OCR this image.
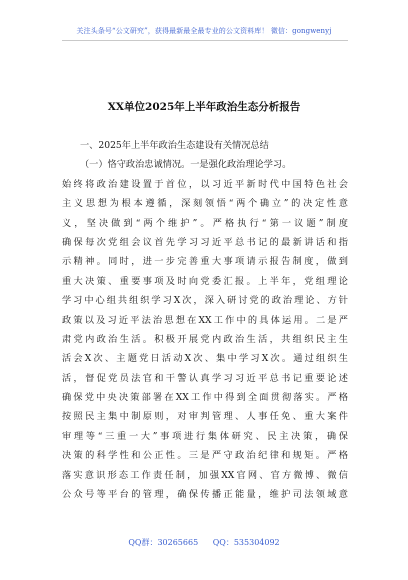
关注头条号“公文研究”，获得最新最全最专业的公文资料库！ 微信：gongwenyj
XX单位2025年上半年政治生态分析报告
一、2025年上半年政治生态建设有关情况总结
（一）恪守政治忠诚情况。一是强化政治理论学习。
始终将政治建设置于首位，以习近平新时代中国特色社会
主义思想为根本遵循，深刻领悟“两个确立”的决定性意
义，坚决做到“两个维护”。严格执行“第一议题”制度
确保每次党组会议首先学习习近平总书记的最新讲话和指
示精神。同时，进一步完善重大事项请示报告制度，做到
重大决策、重要事项及时向党委汇报。上半年，党组理论
学习中心组共组织学习X次，深入研讨党的政治理论、方针
政策以及习近平法治思想在XX工作中的具体运用。二是严
肃党内政治生活。积极开展党内政治生活，共组织民主生
活会X次、主题党日活动X次、集中学习X次。通过组织生
活，督促党员法官和干警认真学习习近平总书记重要论述
确保党中央决策部署在XX工作中得到全面贯彻落实。严格
按照民主集中制原则，对审判管理、人事任免、重大案件
审理等“三重一大”事项进行集体研究、民主决策，确保
决策的科学性和公正性。三是严守政治纪律和规矩。严格
落实意识形态工作责任制，加强XX官网、官方微博、微信
公众号等平台的管理，确保传播正能量，维护司法领域意
QQ群：30265665 QQ：535304092
